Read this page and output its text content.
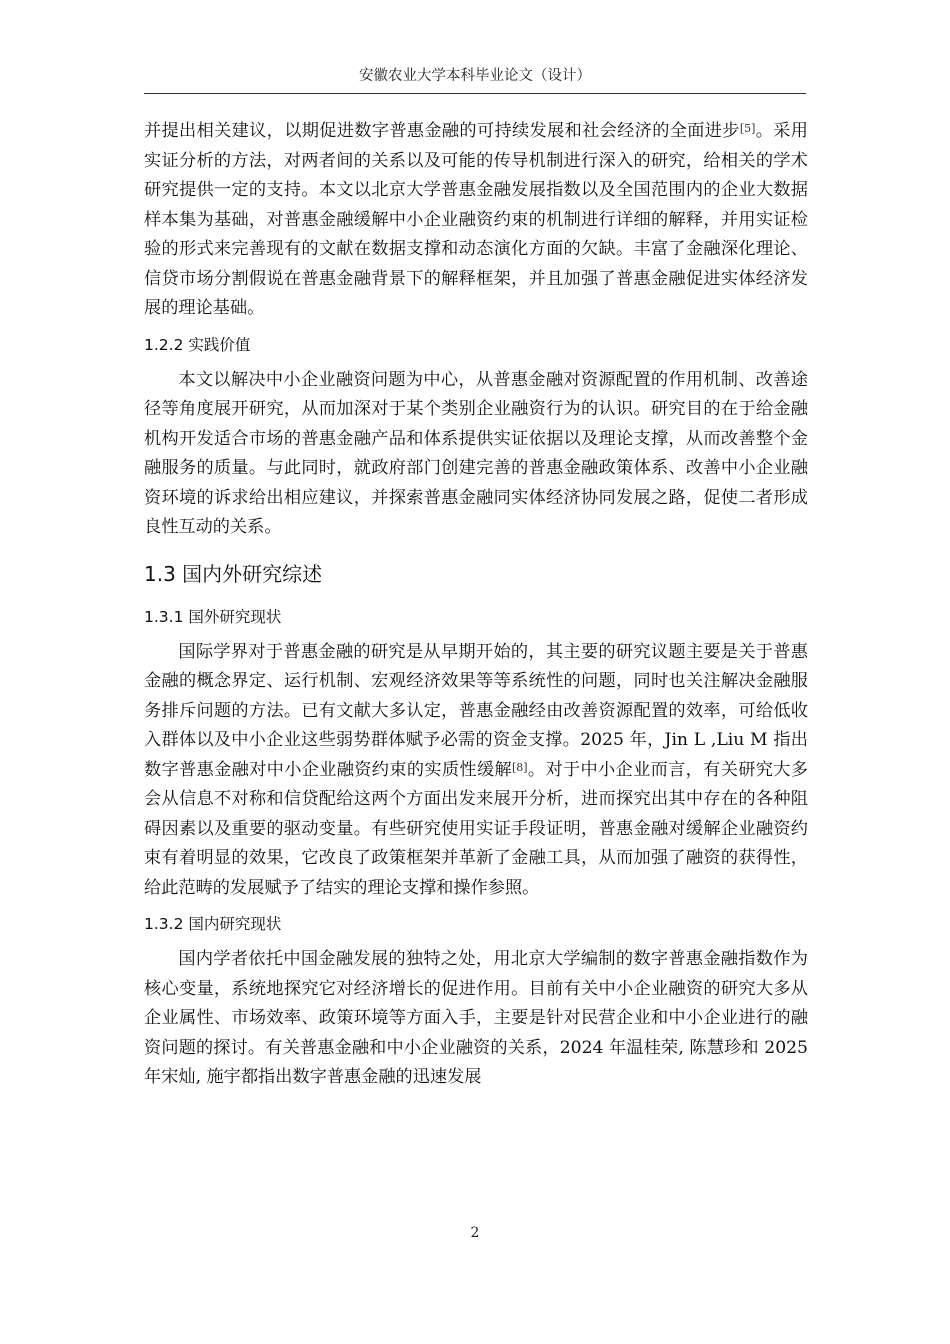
安徽农业大学本科毕业论文（设计）

并提出相关建议，以期促进数字普惠金融的可持续发展和社会经济的全面进步[5]。采用实证分析的方法，对两者间的关系以及可能的传导机制进行深入的研究，给相关的学术研究提供一定的支持。本文以北京大学普惠金融发展指数以及全国范围内的企业大数据样本集为基础，对普惠金融缓解中小企业融资约束的机制进行详细的解释，并用实证检验的形式来完善现有的文献在数据支撑和动态演化方面的欠缺。丰富了金融深化理论、信贷市场分割假说在普惠金融背景下的解释框架，并且加强了普惠金融促进实体经济发展的理论基础。

1.2.2 实践价值

本文以解决中小企业融资问题为中心，从普惠金融对资源配置的作用机制、改善途径等角度展开研究，从而加深对于某个类别企业融资行为的认识。研究目的在于给金融机构开发适合市场的普惠金融产品和体系提供实证依据以及理论支撑，从而改善整个金融服务的质量。与此同时，就政府部门创建完善的普惠金融政策体系、改善中小企业融资环境的诉求给出相应建议，并探索普惠金融同实体经济协同发展之路，促使二者形成良性互动的关系。

1.3 国内外研究综述
1.3.1 国外研究现状

国际学界对于普惠金融的研究是从早期开始的，其主要的研究议题主要是关于普惠金融的概念界定、运行机制、宏观经济效果等等系统性的问题，同时也关注解决金融服务排斥问题的方法。已有文献大多认定，普惠金融经由改善资源配置的效率，可给低收入群体以及中小企业这些弱势群体赋予必需的资金支撑。2025 年，Jin L ,Liu M 指出数字普惠金融对中小企业融资约束的实质性缓解[8]。对于中小企业而言，有关研究大多会从信息不对称和信贷配给这两个方面出发来展开分析，进而探究出其中存在的各种阻碍因素以及重要的驱动变量。有些研究使用实证手段证明，普惠金融对缓解企业融资约束有着明显的效果，它改良了政策框架并革新了金融工具，从而加强了融资的获得性，给此范畴的发展赋予了结实的理论支撑和操作参照。

1.3.2 国内研究现状

国内学者依托中国金融发展的独特之处，用北京大学编制的数字普惠金融指数作为核心变量，系统地探究它对经济增长的促进作用。目前有关中小企业融资的研究大多从企业属性、市场效率、政策环境等方面入手，主要是针对民营企业和中小企业进行的融资问题的探讨。有关普惠金融和中小企业融资的关系，2024 年温桂荣, 陈慧珍和 2025 年宋灿, 施宇都指出数字普惠金融的迅速发展

2
